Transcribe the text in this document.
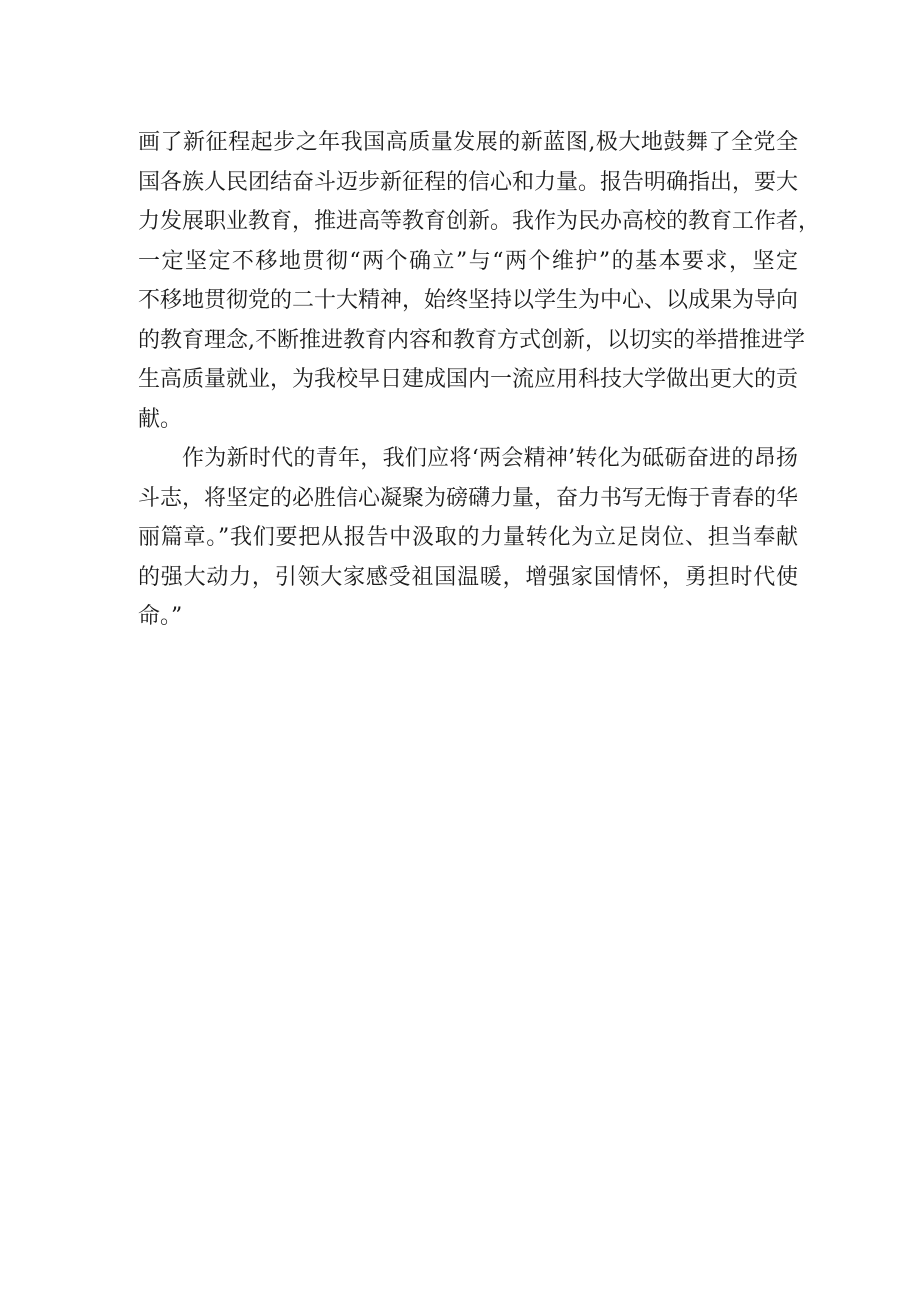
画了新征程起步之年我国高质量发展的新蓝图,极大地鼓舞了全党全
国各族人民团结奋斗迈步新征程的信心和力量。报告明确指出，要大
力发展职业教育，推进高等教育创新。我作为民办高校的教育工作者，
一定坚定不移地贯彻“两个确立”与“两个维护”的基本要求，坚定
不移地贯彻党的二十大精神，始终坚持以学生为中心、以成果为导向
的教育理念,不断推进教育内容和教育方式创新，以切实的举措推进学
生高质量就业，为我校早日建成国内一流应用科技大学做出更大的贡
献。
作为新时代的青年，我们应将‘两会精神’转化为砥砺奋进的昂扬
斗志，将坚定的必胜信心凝聚为磅礴力量，奋力书写无悔于青春的华
丽篇章。”我们要把从报告中汲取的力量转化为立足岗位、担当奉献
的强大动力，引领大家感受祖国温暖，增强家国情怀，勇担时代使
命。”
